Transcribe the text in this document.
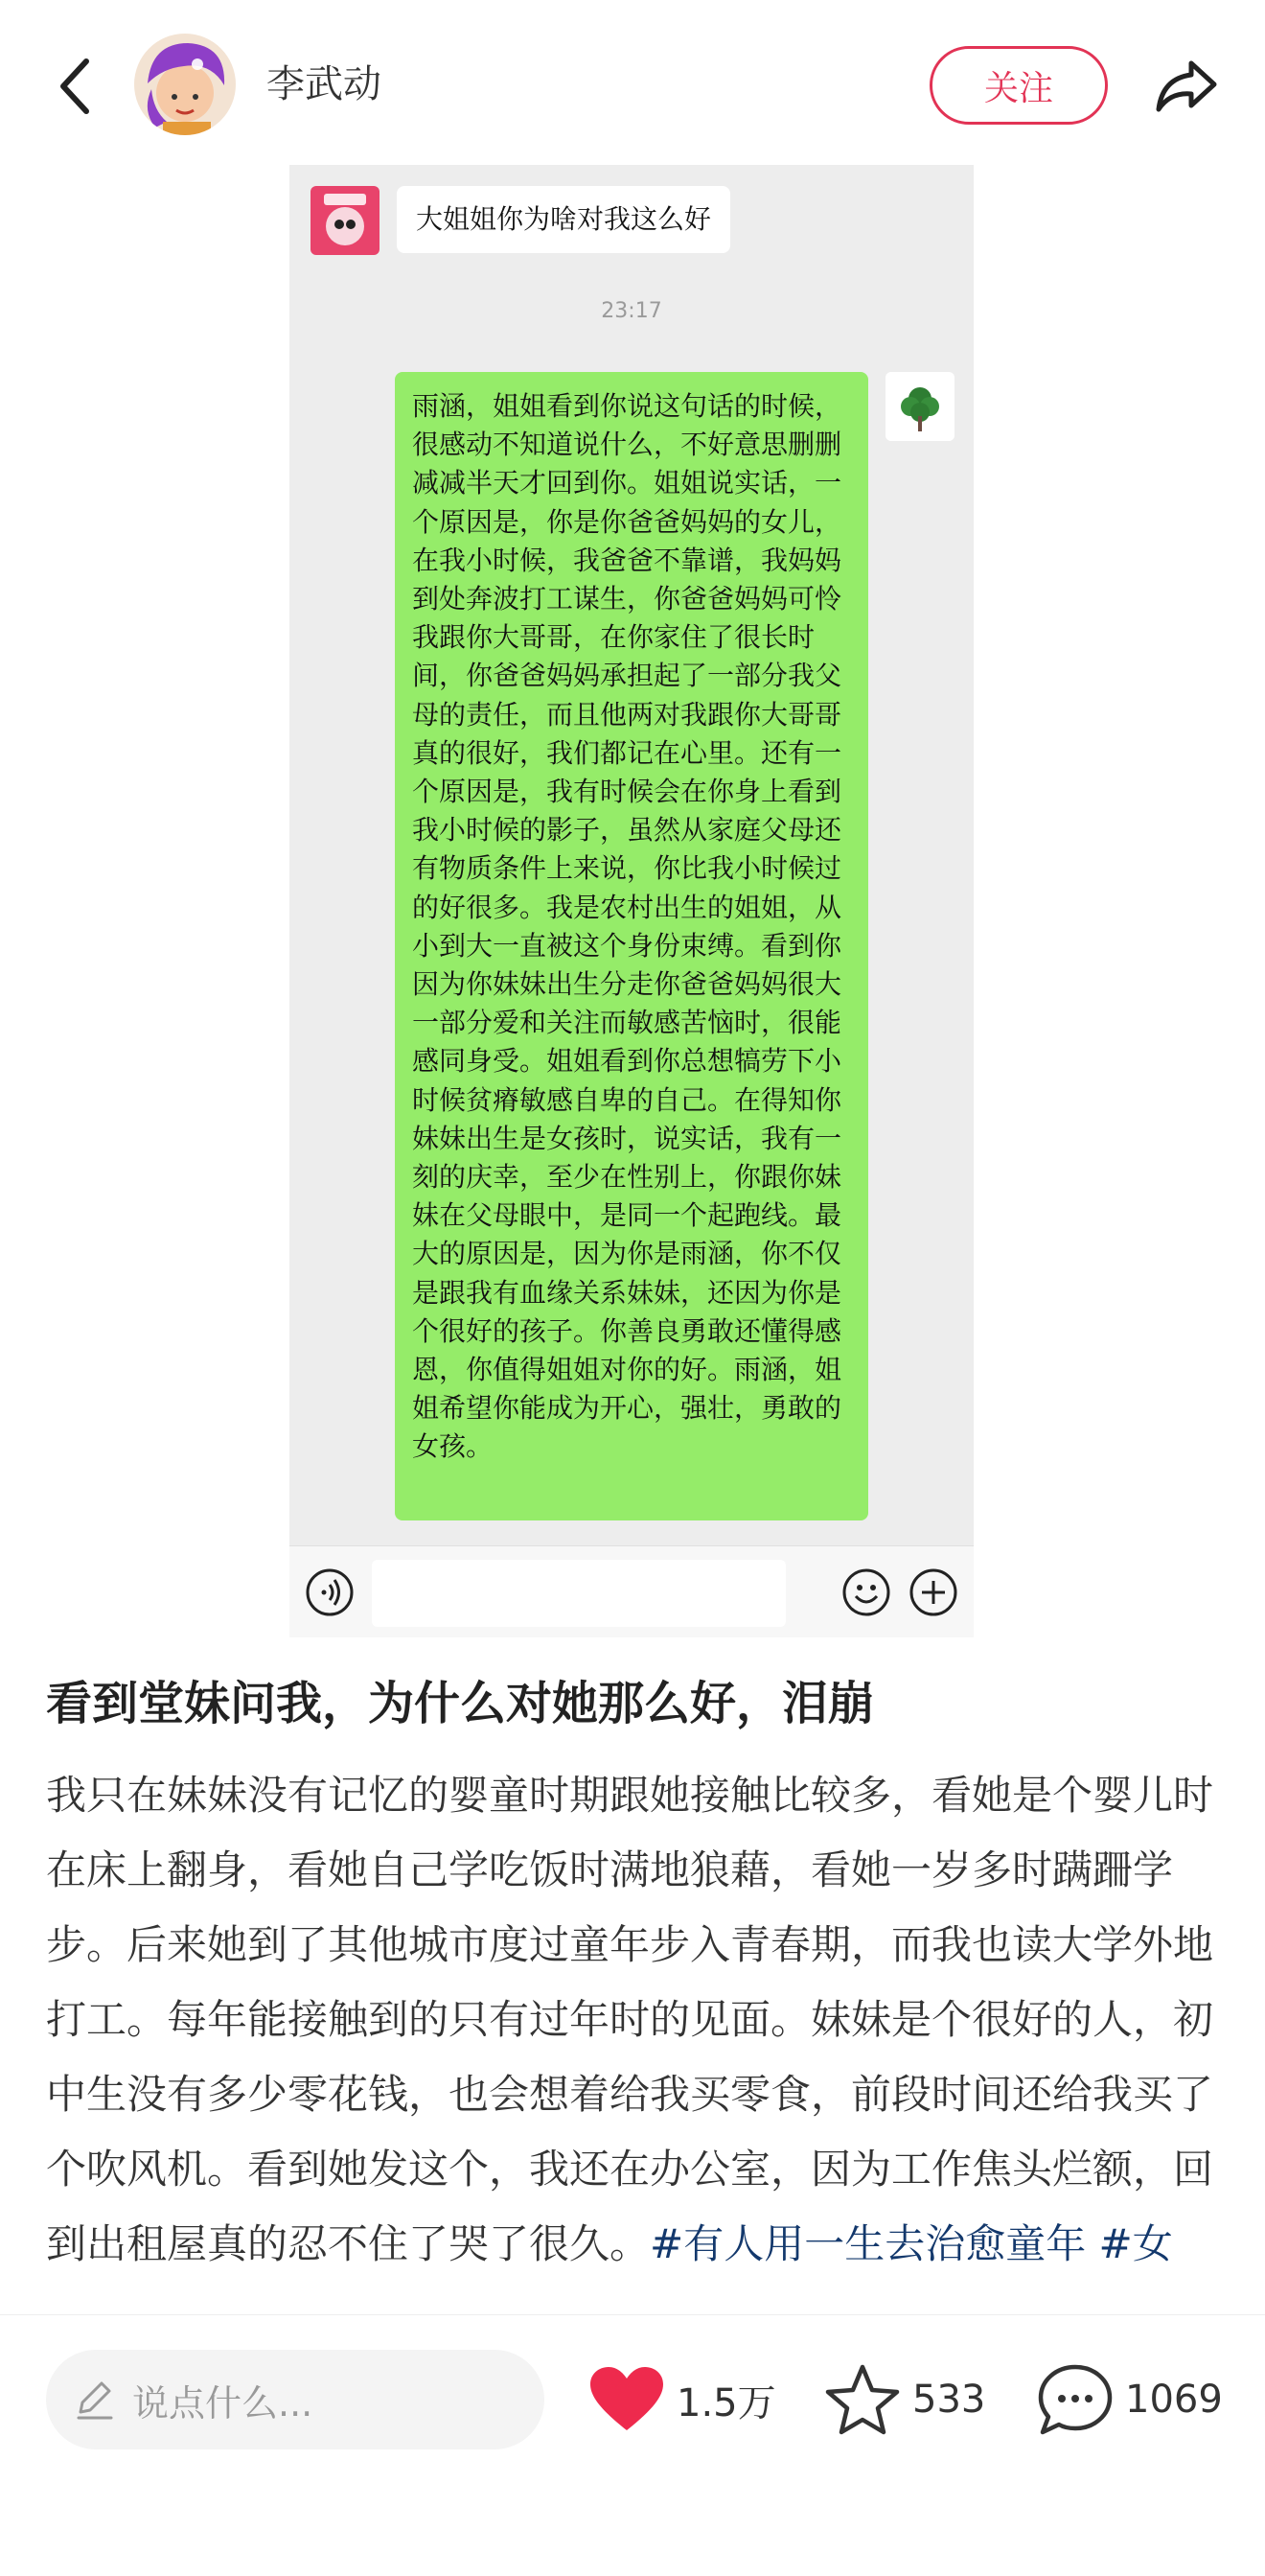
李武动	关注
大姐姐你为啥对我这么好
23:17
雨涵，姐姐看到你说这句话的时候，很感动不知道说什么，不好意思删删减减半天才回到你。姐姐说实话，一个原因是，你是你爸爸妈妈的女儿，在我小时候，我爸爸不靠谱，我妈妈到处奔波打工谋生，你爸爸妈妈可怜我跟你大哥哥，在你家住了很长时间，你爸爸妈妈承担起了一部分我父母的责任，而且他两对我跟你大哥哥真的很好，我们都记在心里。还有一个原因是，我有时候会在你身上看到我小时候的影子，虽然从家庭父母还有物质条件上来说，你比我小时候过的好很多。我是农村出生的姐姐，从小到大一直被这个身份束缚。看到你因为你妹妹出生分走你爸爸妈妈很大一部分爱和关注而敏感苦恼时，很能感同身受。姐姐看到你总想犒劳下小时候贫瘠敏感自卑的自己。在得知你妹妹出生是女孩时，说实话，我有一刻的庆幸，至少在性别上，你跟你妹妹在父母眼中，是同一个起跑线。最大的原因是，因为你是雨涵，你不仅是跟我有血缘关系妹妹，还因为你是个很好的孩子。你善良勇敢还懂得感恩，你值得姐姐对你的好。雨涵，姐姐希望你能成为开心，强壮，勇敢的女孩。
看到堂妹问我，为什么对她那么好，泪崩
我只在妹妹没有记忆的婴童时期跟她接触比较多，看她是个婴儿时在床上翻身，看她自己学吃饭时满地狼藉，看她一岁多时蹒跚学步。后来她到了其他城市度过童年步入青春期，而我也读大学外地打工。每年能接触到的只有过年时的见面。妹妹是个很好的人，初中生没有多少零花钱，也会想着给我买零食，前段时间还给我买了个吹风机。看到她发这个，我还在办公室，因为工作焦头烂额，回到出租屋真的忍不住了哭了很久。#有人用一生去治愈童年 #女
说点什么...	1.5万	533	1069
